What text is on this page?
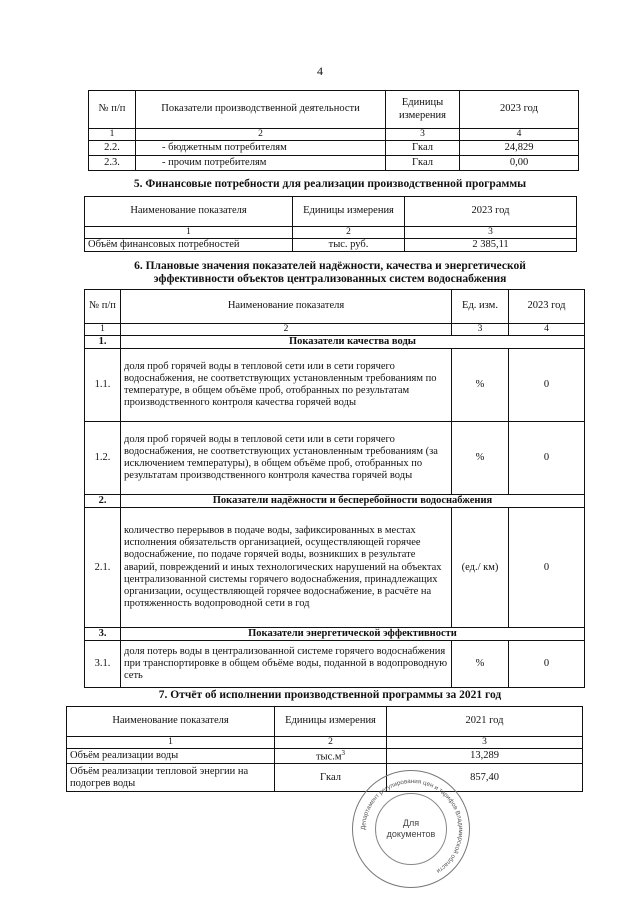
4
№ п/п	Показатели производственной деятельности	Единицы измерения	2023 год
1	2	3	4
2.2.	- бюджетным потребителям	Гкал	24,829
2.3.	- прочим потребителям	Гкал	0,00
5. Финансовые потребности для реализации производственной программы
Наименование показателя	Единицы измерения	2023 год
1	2	3
Объём финансовых потребностей	тыс. руб.	2 385,11
6. Плановые значения показателей надёжности, качества и энергетической
эффективности объектов централизованных систем водоснабжения
№ п/п	Наименование показателя	Ед. изм.	2023 год
1	2	3	4
1.	Показатели качества воды		
1.1.	доля проб горячей воды в тепловой сети или в сети горячего водоснабжения, не соответствующих установленным требованиям по температуре, в общем объёме проб, отобранных по результатам производственного контроля качества горячей воды	%	0
1.2.	доля проб горячей воды в тепловой сети или в сети горячего водоснабжения, не соответствующих установленным требованиям (за исключением температуры), в общем объёме проб, отобранных по результатам производственного контроля качества горячей воды	%	0
2.	Показатели надёжности и бесперебойности водоснабжения		
2.1.	количество перерывов в подаче воды, зафиксированных в местах исполнения обязательств организацией, осуществляющей горячее водоснабжение, по подаче горячей воды, возникших в результате аварий, повреждений и иных технологических нарушений на объектах централизованной системы горячего водоснабжения, принадлежащих организации, осуществляющей горячее водоснабжение, в расчёте на протяженность водопроводной сети в год	(ед./ км)	0
3.	Показатели энергетической эффективности		
3.1.	доля потерь воды в централизованной системе горячего водоснабжения при транспортировке в общем объёме воды, поданной в водопроводную сеть	%	0
7. Отчёт об исполнении производственной программы за 2021 год
Наименование показателя	Единицы измерения	2021 год
1	2	3
Объём реализации воды	$тыс.м^3$	13,289
Объём реализации тепловой энергии на подогрев воды	Гкал	857,40
Департамент регулирования цен и тарифов Владимирской области
Для
документов
